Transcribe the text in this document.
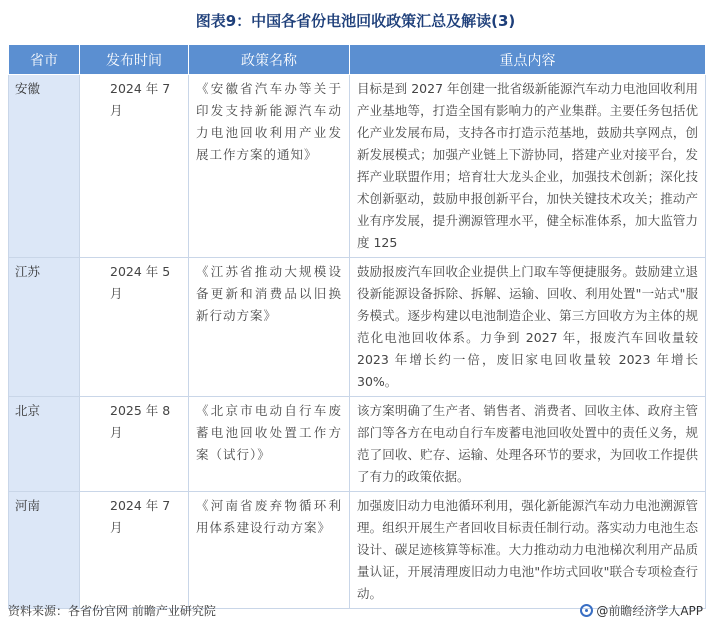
图表9：中国各省份电池回收政策汇总及解读(3)
省市	发布时间	政策名称	重点内容
安徽	2024 年 7 月	《安徽省汽车办等关于印发支持新能源汽车动力电池回收利用产业发展工作方案的通知》	目标是到 2027 年创建一批省级新能源汽车动力电池回收利用产业基地等，打造全国有影响力的产业集群。主要任务包括优化产业发展布局，支持各市打造示范基地，鼓励共享网点，创新发展模式；加强产业链上下游协同，搭建产业对接平台，发挥产业联盟作用；培育壮大龙头企业，加强技术创新；深化技术创新驱动，鼓励申报创新平台，加快关键技术攻关；推动产业有序发展，提升溯源管理水平，健全标准体系，加大监管力度 125
江苏	2024 年 5 月	《江苏省推动大规模设备更新和消费品以旧换新行动方案》	鼓励报废汽车回收企业提供上门取车等便捷服务。鼓励建立退役新能源设备拆除、拆解、运输、回收、利用处置"一站式"服务模式。逐步构建以电池制造企业、第三方回收方为主体的规范化电池回收体系。力争到 2027 年，报废汽车回收量较 2023 年增长约一倍，废旧家电回收量较 2023 年增长 30%。
北京	2025 年 8 月	《北京市电动自行车废蓄电池回收处置工作方案（试行）》	该方案明确了生产者、销售者、消费者、回收主体、政府主管部门等各方在电动自行车废蓄电池回收处置中的责任义务，规范了回收、贮存、运输、处理各环节的要求，为回收工作提供了有力的政策依据。
河南	2024 年 7 月	《河南省废弃物循环利用体系建设行动方案》	加强废旧动力电池循环利用，强化新能源汽车动力电池溯源管理。组织开展生产者回收目标责任制行动。落实动力电池生态设计、碳足迹核算等标准。大力推动动力电池梯次利用产品质量认证，开展清理废旧动力电池"作坊式回收"联合专项检查行动。
资料来源：各省份官网 前瞻产业研究院	@前瞻经济学人APP
